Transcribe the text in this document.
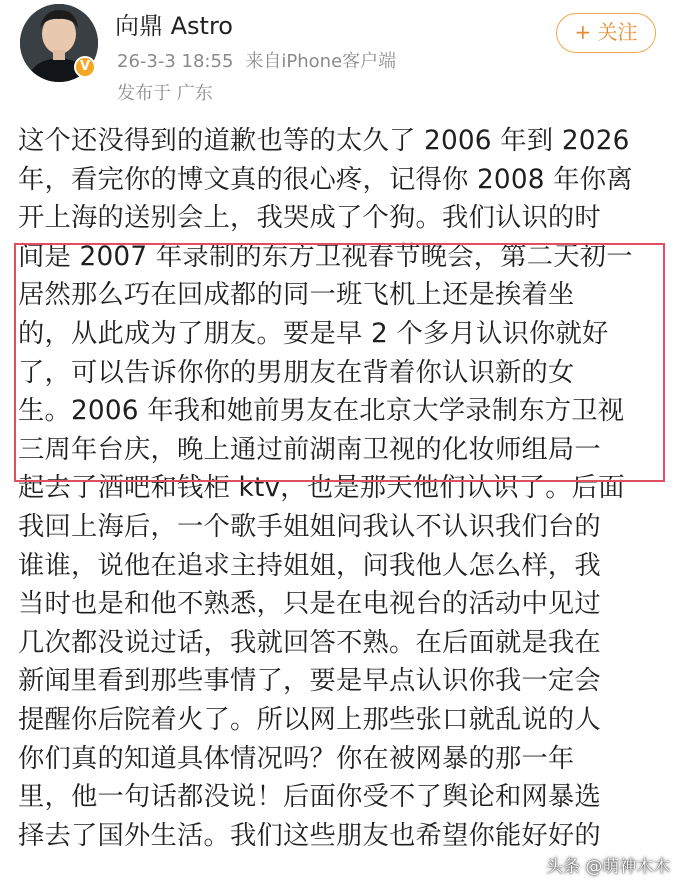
V
向鼎 Astro
26-3-3 18:55 来自iPhone客户端
发布于 广东
+ 关注
这个还没得到的道歉也等的太久了 2006 年到 2026
年，看完你的博文真的很心疼，记得你 2008 年你离
开上海的送别会上，我哭成了个狗。我们认识的时
间是 2007 年录制的东方卫视春节晚会，第二天初一
居然那么巧在回成都的同一班飞机上还是挨着坐
的，从此成为了朋友。要是早 2 个多月认识你就好
了，可以告诉你你的男朋友在背着你认识新的女
生。2006 年我和她前男友在北京大学录制东方卫视
三周年台庆，晚上通过前湖南卫视的化妆师组局一
起去了酒吧和钱柜 ktv，也是那天他们认识了。后面
我回上海后，一个歌手姐姐问我认不认识我们台的
谁谁，说他在追求主持姐姐，问我他人怎么样，我
当时也是和他不熟悉，只是在电视台的活动中见过
几次都没说过话，我就回答不熟。在后面就是我在
新闻里看到那些事情了，要是早点认识你我一定会
提醒你后院着火了。所以网上那些张口就乱说的人
你们真的知道具体情况吗？你在被网暴的那一年
里，他一句话都没说！后面你受不了舆论和网暴选
择去了国外生活。我们这些朋友也希望你能好好的
头条 @萌神木木
